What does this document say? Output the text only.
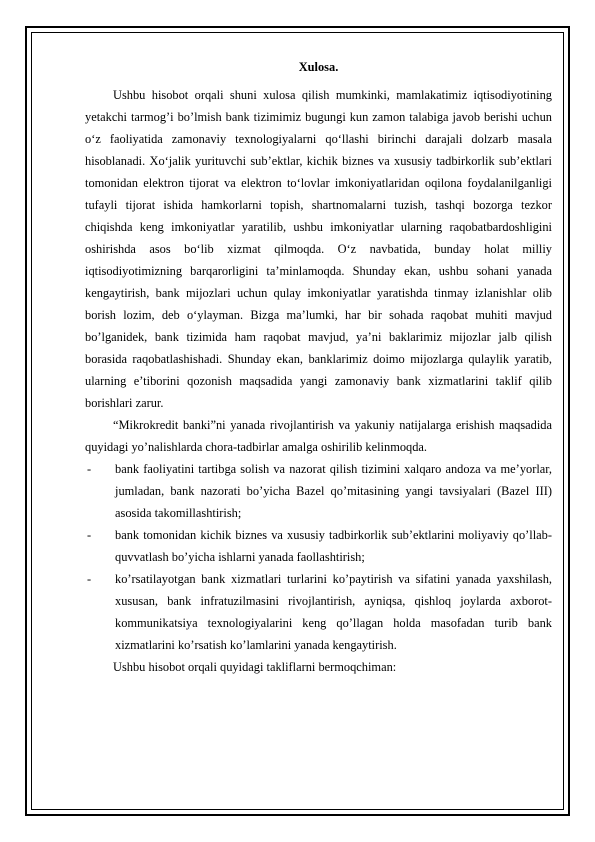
Xulosa.

Ushbu hisobot orqali shuni xulosa qilish mumkinki, mamlakatimiz iqtisodiyotining yetakchi tarmog’i bo’lmish bank tizimimiz bugungi kun zamon talabiga javob berishi uchun o‘z faoliyatida zamonaviy texnologiyalarni qo‘llashi birinchi darajali dolzarb masala hisoblanadi. Xo‘jalik yurituvchi sub’ektlar, kichik biznes va xususiy tadbirkorlik sub’ektlari tomonidan elektron tijorat va elektron to‘lovlar imkoniyatlaridan oqilona foydalanilganligi tufayli tijorat ishida hamkorlarni topish, shartnomalarni tuzish, tashqi bozorga tezkor chiqishda keng imkoniyatlar yaratilib, ushbu imkoniyatlar ularning raqobatbardoshligini oshirishda asos bo‘lib xizmat qilmoqda. O‘z navbatida, bunday holat milliy iqtisodiyotimizning barqarorligini ta’minlamoqda. Shunday ekan, ushbu sohani yanada kengaytirish, bank mijozlari uchun qulay imkoniyatlar yaratishda tinmay izlanishlar olib borish lozim, deb o‘ylayman. Bizga ma’lumki, har bir sohada raqobat muhiti mavjud bo’lganidek, bank tizimida ham raqobat mavjud, ya’ni baklarimiz mijozlar jalb qilish borasida raqobatlashishadi. Shunday ekan, banklarimiz doimo mijozlarga qulaylik yaratib, ularning e’tiborini qozonish maqsadida yangi zamonaviy bank xizmatlarini taklif qilib borishlari zarur.

“Mikrokredit banki”ni yanada rivojlantirish va yakuniy natijalarga erishish maqsadida quyidagi yo’nalishlarda chora-tadbirlar amalga oshirilib kelinmoqda.

- bank faoliyatini tartibga solish va nazorat qilish tizimini xalqaro andoza va me’yorlar, jumladan, bank nazorati bo’yicha Bazel qo’mitasining yangi tavsiyalari (Bazel III) asosida takomillashtirish;
- bank tomonidan kichik biznes va xususiy tadbirkorlik sub’ektlarini moliyaviy qo’llab-quvvatlash bo’yicha ishlarni yanada faollashtirish;
- ko’rsatilayotgan bank xizmatlari turlarini ko’paytirish va sifatini yanada yaxshilash, xususan, bank infratuzilmasini rivojlantirish, ayniqsa, qishloq joylarda axborot-kommunikatsiya texnologiyalarini keng qo’llagan holda masofadan turib bank xizmatlarini ko’rsatish ko’lamlarini yanada kengaytirish.

Ushbu hisobot orqali quyidagi takliflarni bermoqchiman:
